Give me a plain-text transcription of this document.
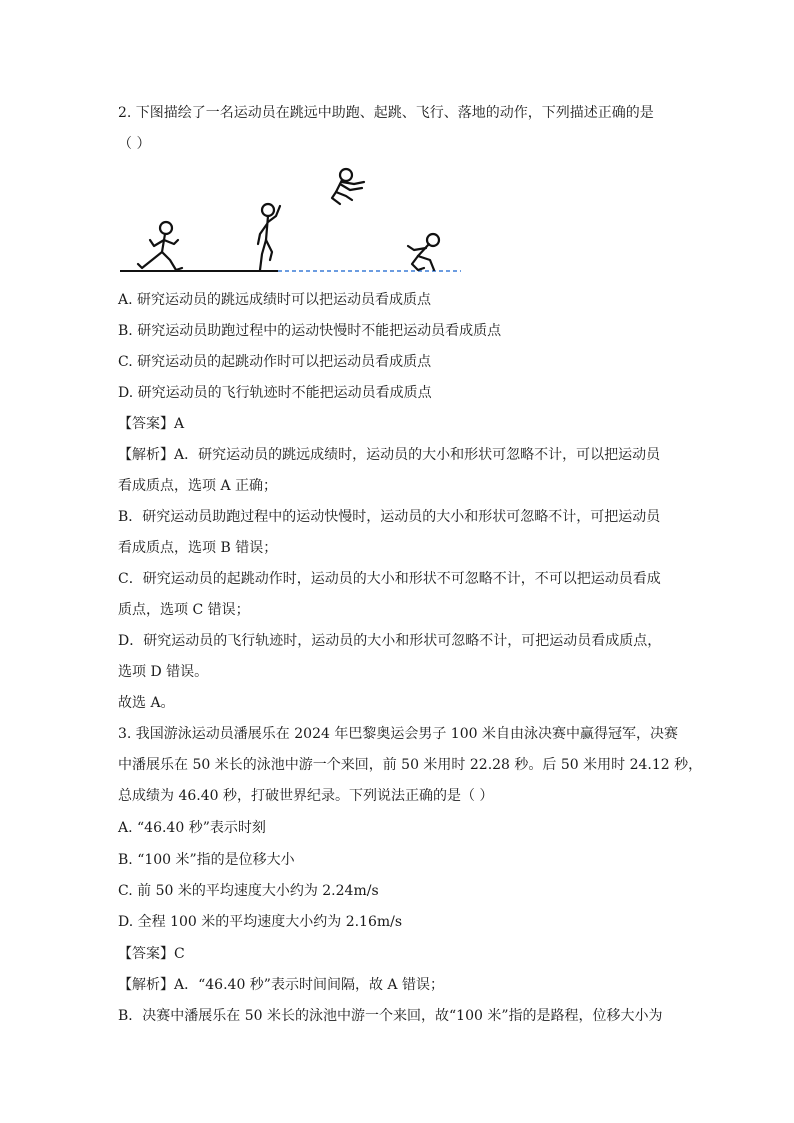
2. 下图描绘了一名运动员在跳远中助跑、起跳、飞行、落地的动作，下列描述正确的是

（ ）

A. 研究运动员的跳远成绩时可以把运动员看成质点

B. 研究运动员助跑过程中的运动快慢时不能把运动员看成质点

C. 研究运动员的起跳动作时可以把运动员看成质点

D. 研究运动员的飞行轨迹时不能把运动员看成质点

【答案】A

【解析】A．研究运动员的跳远成绩时，运动员的大小和形状可忽略不计，可以把运动员

看成质点，选项 A 正确；

B．研究运动员助跑过程中的运动快慢时，运动员的大小和形状可忽略不计，可把运动员

看成质点，选项 B 错误；

C．研究运动员的起跳动作时，运动员的大小和形状不可忽略不计，不可以把运动员看成

质点，选项 C 错误；

D．研究运动员的飞行轨迹时，运动员的大小和形状可忽略不计，可把运动员看成质点，

选项 D 错误。

故选 A。

3. 我国游泳运动员潘展乐在 2024 年巴黎奥运会男子 100 米自由泳决赛中赢得冠军，决赛

中潘展乐在 50 米长的泳池中游一个来回，前 50 米用时 22.28 秒。后 50 米用时 24.12 秒，

总成绩为 46.40 秒，打破世界纪录。下列说法正确的是（ ）

A. “46.40 秒”表示时刻

B. “100 米”指的是位移大小

C. 前 50 米的平均速度大小约为 2.24m/s

D. 全程 100 米的平均速度大小约为 2.16m/s

【答案】C

【解析】A．“46.40 秒”表示时间间隔，故 A 错误；

B．决赛中潘展乐在 50 米长的泳池中游一个来回，故“100 米”指的是路程，位移大小为
